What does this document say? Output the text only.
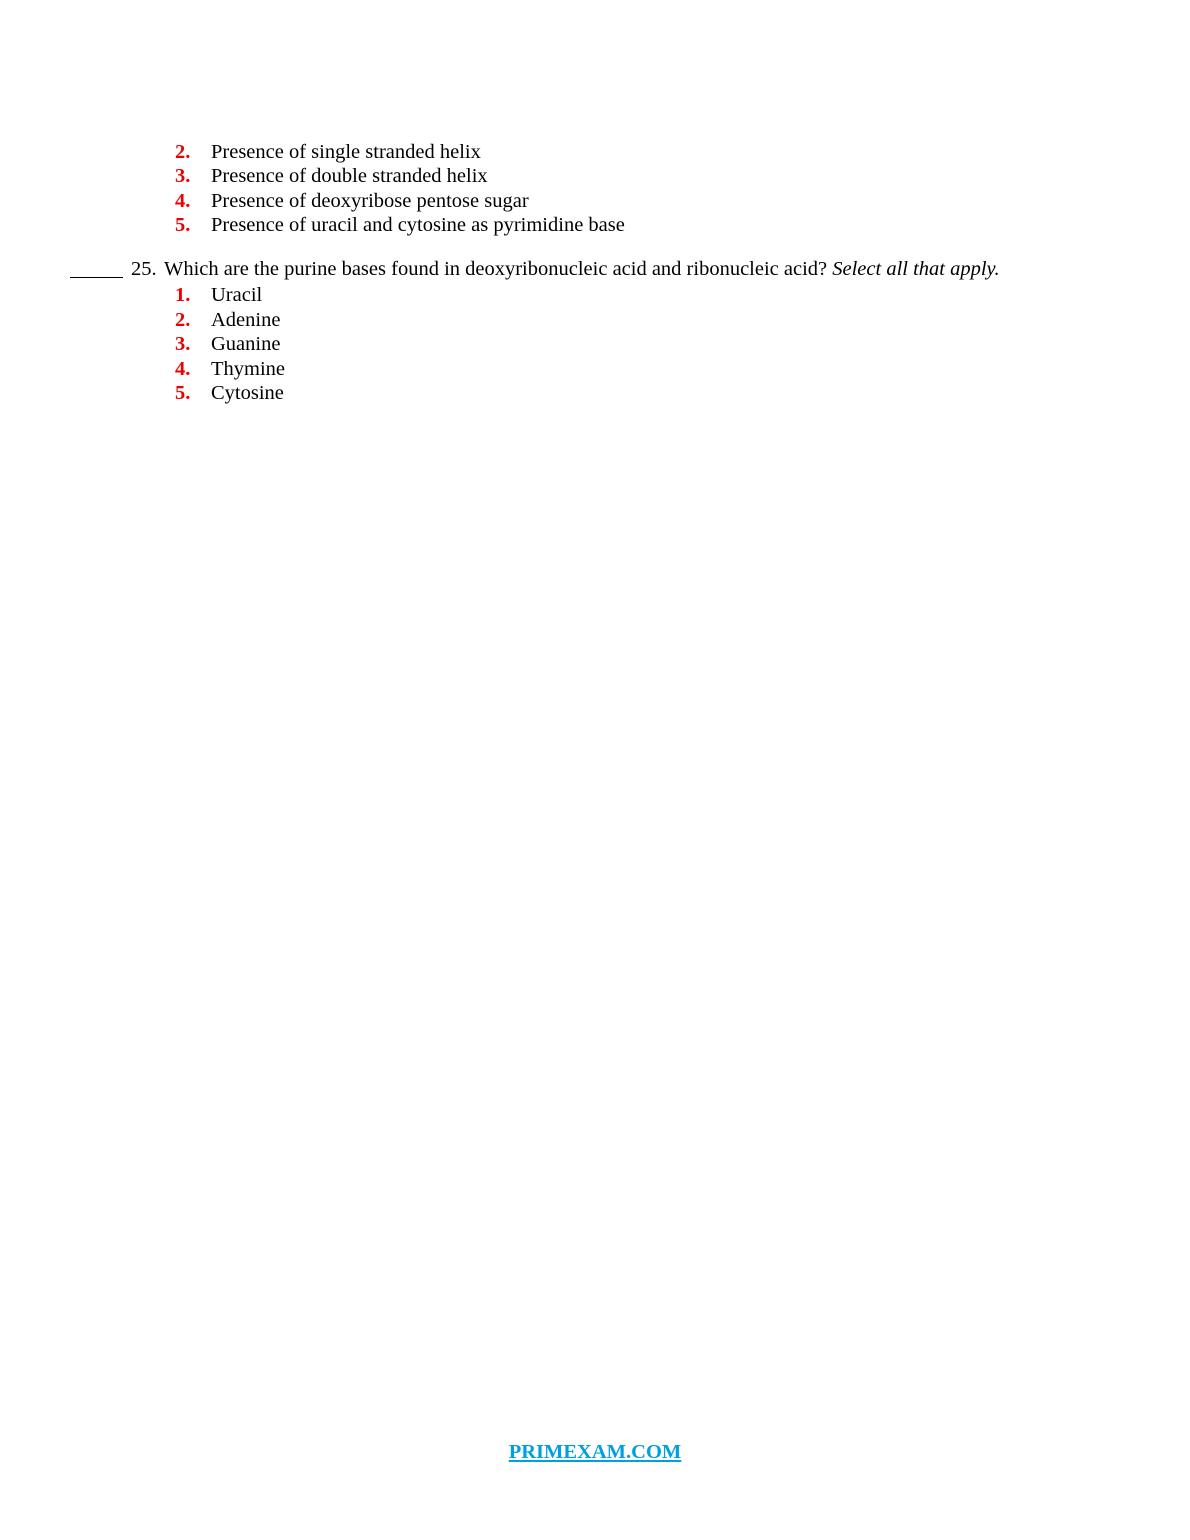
2. Presence of single stranded helix
3. Presence of double stranded helix
4. Presence of deoxyribose pentose sugar
5. Presence of uracil and cytosine as pyrimidine base
25. Which are the purine bases found in deoxyribonucleic acid and ribonucleic acid? Select all that apply.
1. Uracil
2. Adenine
3. Guanine
4. Thymine
5. Cytosine
PRIMEXAM.COM
